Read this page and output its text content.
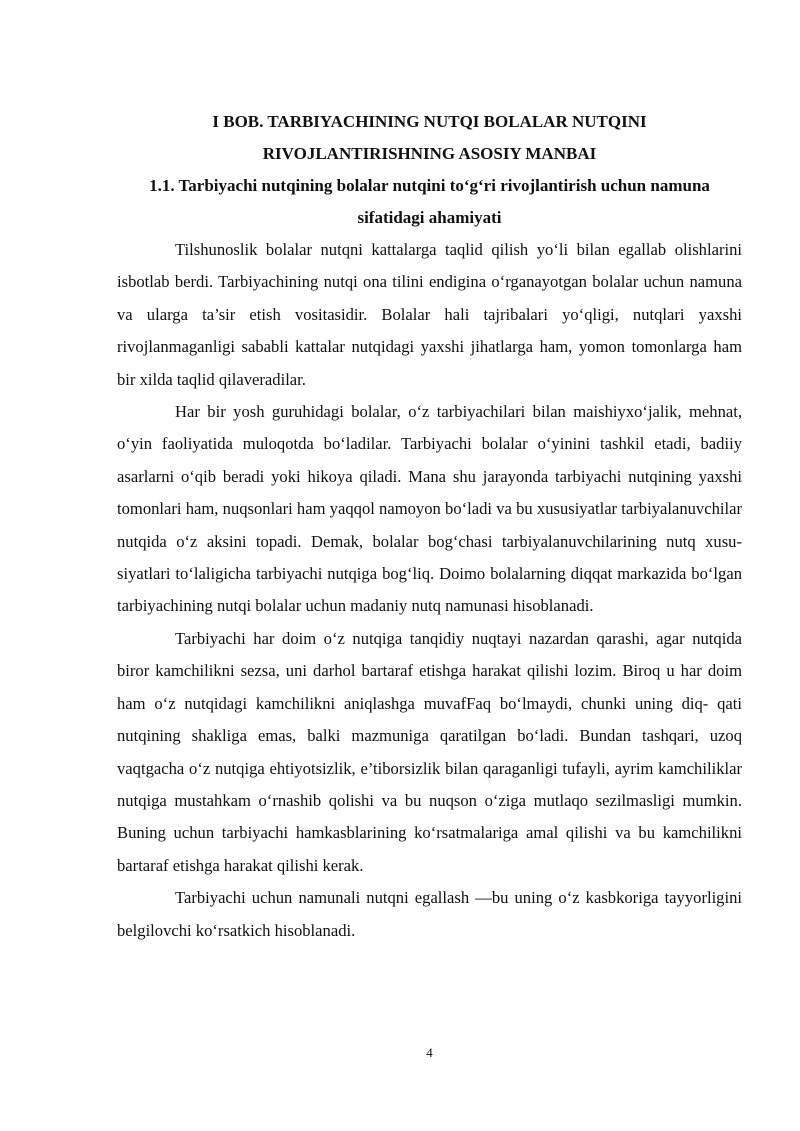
I BOB. TARBIYACHINING NUTQI BOLALAR NUTQINI RIVOJLANTIRISHNING ASOSIY MANBAI
1.1. Tarbiyachi nutqining bolalar nutqini to‘g‘ri rivojlantirish uchun namuna sifatidagi ahamiyati

Tilshunoslik bolalar nutqni kattalarga taqlid qilish yo‘li bilan egallab olishlarini isbotlab berdi. Tarbiyachining nutqi ona tilini endigina o‘rganayotgan bolalar uchun namuna va ularga ta’sir etish vositasidir. Bolalar hali tajribalari yo‘qligi, nutqlari yaxshi rivojlanmaganligi sababli kattalar nutqidagi yaxshi jihatlarga ham, yomon tomonlarga ham bir xilda taqlid qilaveradilar.

Har bir yosh guruhidagi bolalar, o‘z tarbiyachilari bilan maishiyxo‘jalik, mehnat, o‘yin faoliyatida muloqotda bo‘ladilar. Tarbiyachi bolalar o‘yinini tashkil etadi, badiiy asarlarni o‘qib beradi yoki hikoya qiladi. Mana shu jarayonda tarbiyachi nutqining yaxshi tomonlari ham, nuqsonlari ham yaqqol namoyon bo‘ladi va bu xususiyatlar tarbiyalanuvchilar nutqida o‘z aksini topadi. Demak, bolalar bog‘chasi tarbiyalanuvchilarining nutq xusu- siyatlari to‘laligicha tarbiyachi nutqiga bog‘liq. Doimo bolalarning diqqat markazida bo‘lgan tarbiyachining nutqi bolalar uchun madaniy nutq namunasi hisoblanadi.

Tarbiyachi har doim o‘z nutqiga tanqidiy nuqtayi nazardan qarashi, agar nutqida biror kamchilikni sezsa, uni darhol bartaraf etishga harakat qilishi lozim. Biroq u har doim ham o‘z nutqidagi kamchilikni aniqlashga muvafFaq bo‘lmaydi, chunki uning diq- qati nutqining shakliga emas, balki mazmuniga qaratilgan bo‘ladi. Bundan tashqari, uzoq vaqtgacha o‘z nutqiga ehtiyotsizlik, e’tiborsizlik bilan qaraganligi tufayli, ayrim kamchiliklar nutqiga mustahkam o‘rnashib qolishi va bu nuqson o‘ziga mutlaqo sezilmasligi mumkin. Buning uchun tarbiyachi hamkasblarining ko‘rsatmalariga amal qilishi va bu kamchilikni bartaraf etishga harakat qilishi kerak.

Tarbiyachi uchun namunali nutqni egallash —bu uning o‘z kasbkoriga tayyorligini belgilovchi ko‘rsatkich hisoblanadi.

4
